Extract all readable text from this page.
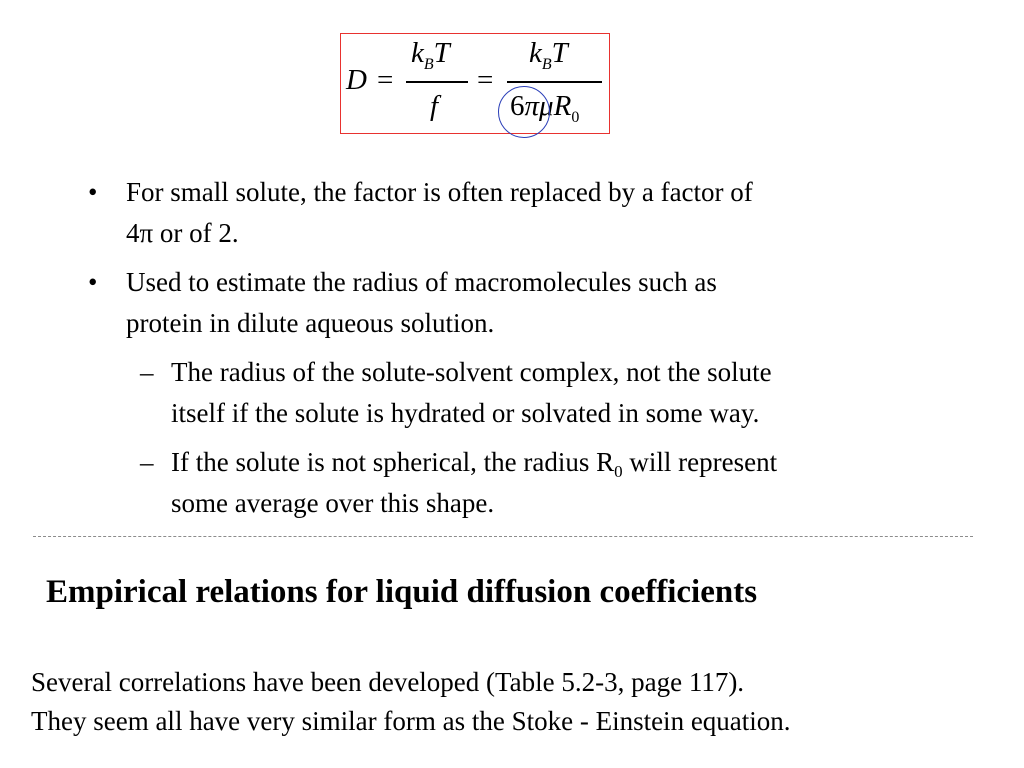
D =
$k_BT$
f
=
$k_BT$
6πμR$_0$
• For small solute, the factor is often replaced by a factor of
4π or of 2.
• Used to estimate the radius of macromolecules such as
protein in dilute aqueous solution.
– The radius of the solute-solvent complex, not the solute
itself if the solute is hydrated or solvated in some way.
– If the solute is not spherical, the radius $R_0$ will represent
some average over this shape.
Empirical relations for liquid diffusion coefficients
Several correlations have been developed (Table 5.2-3, page 117).
They seem all have very similar form as the Stoke - Einstein equation.
